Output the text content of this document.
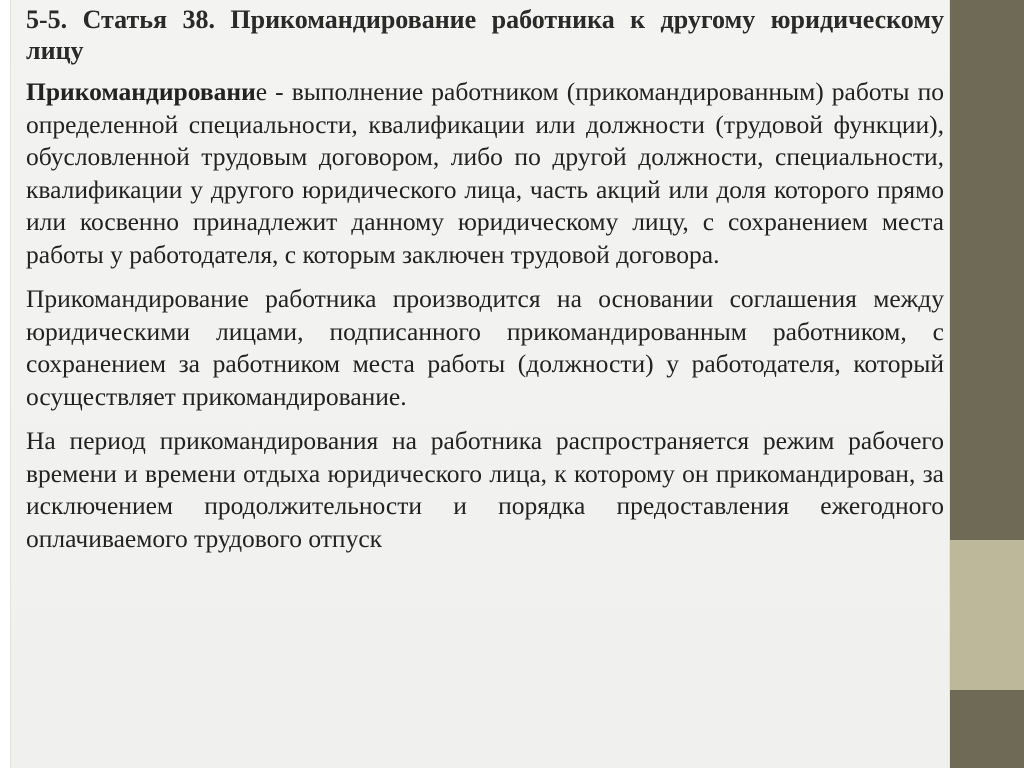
5-5. Статья 38. Прикомандирование работника к другому юридическому лицу
Прикомандирование - выполнение работником (прикомандированным) работы по определенной специальности, квалификации или должности (трудовой функции), обусловленной трудовым договором, либо по другой должности, специальности, квалификации у другого юридического лица, часть акций или доля которого прямо или косвенно принадлежит данному юридическому лицу, с сохранением места работы у работодателя, с которым заключен трудовой договора.
Прикомандирование работника производится на основании соглашения между юридическими лицами, подписанного прикомандированным работником, с сохранением за работником места работы (должности) у работодателя, который осуществляет прикомандирование.
На период прикомандирования на работника распространяется режим рабочего времени и времени отдыха юридического лица, к которому он прикомандирован, за исключением продолжительности и порядка предоставления ежегодного оплачиваемого трудового отпуск
